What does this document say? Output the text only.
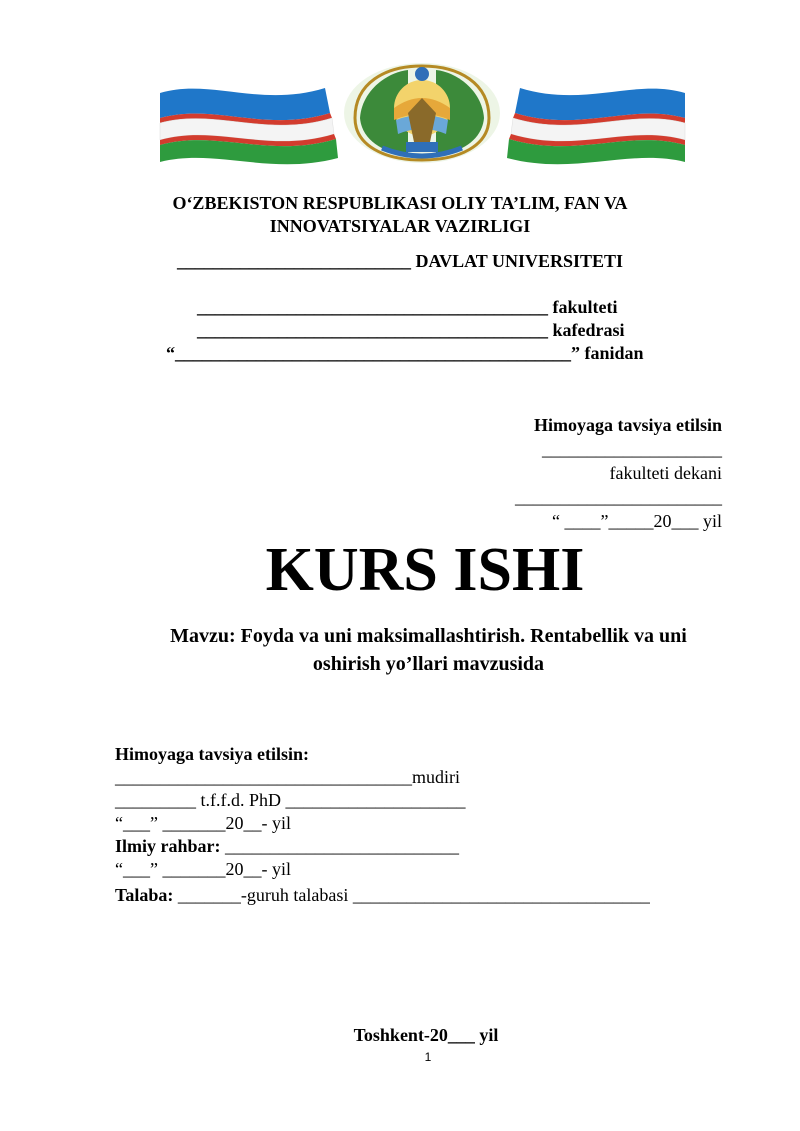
O‘ZBEKISTON RESPUBLIKASI OLIY TA’LIM, FAN VA
INNOVATSIYALAR VAZIRLIGI
__________________________ DAVLAT UNIVERSITETI
_______________________________________ fakulteti
_______________________________________ kafedrasi
“____________________________________________” fanidan
Himoyaga tavsiya etilsin
____________________
fakulteti dekani
_______________________
“ ____”_____20___ yil
KURS ISHI
Mavzu: Foyda va uni maksimallashtirish. Rentabellik va uni
oshirish yo’llari mavzusida
Himoyaga tavsiya etilsin:
_________________________________mudiri
_________ t.f.f.d. PhD ____________________
“___” _______20__- yil
Ilmiy rahbar: __________________________
“___” _______20__- yil
Talaba: _______-guruh talabasi _________________________________
Toshkent-20___ yil
1
